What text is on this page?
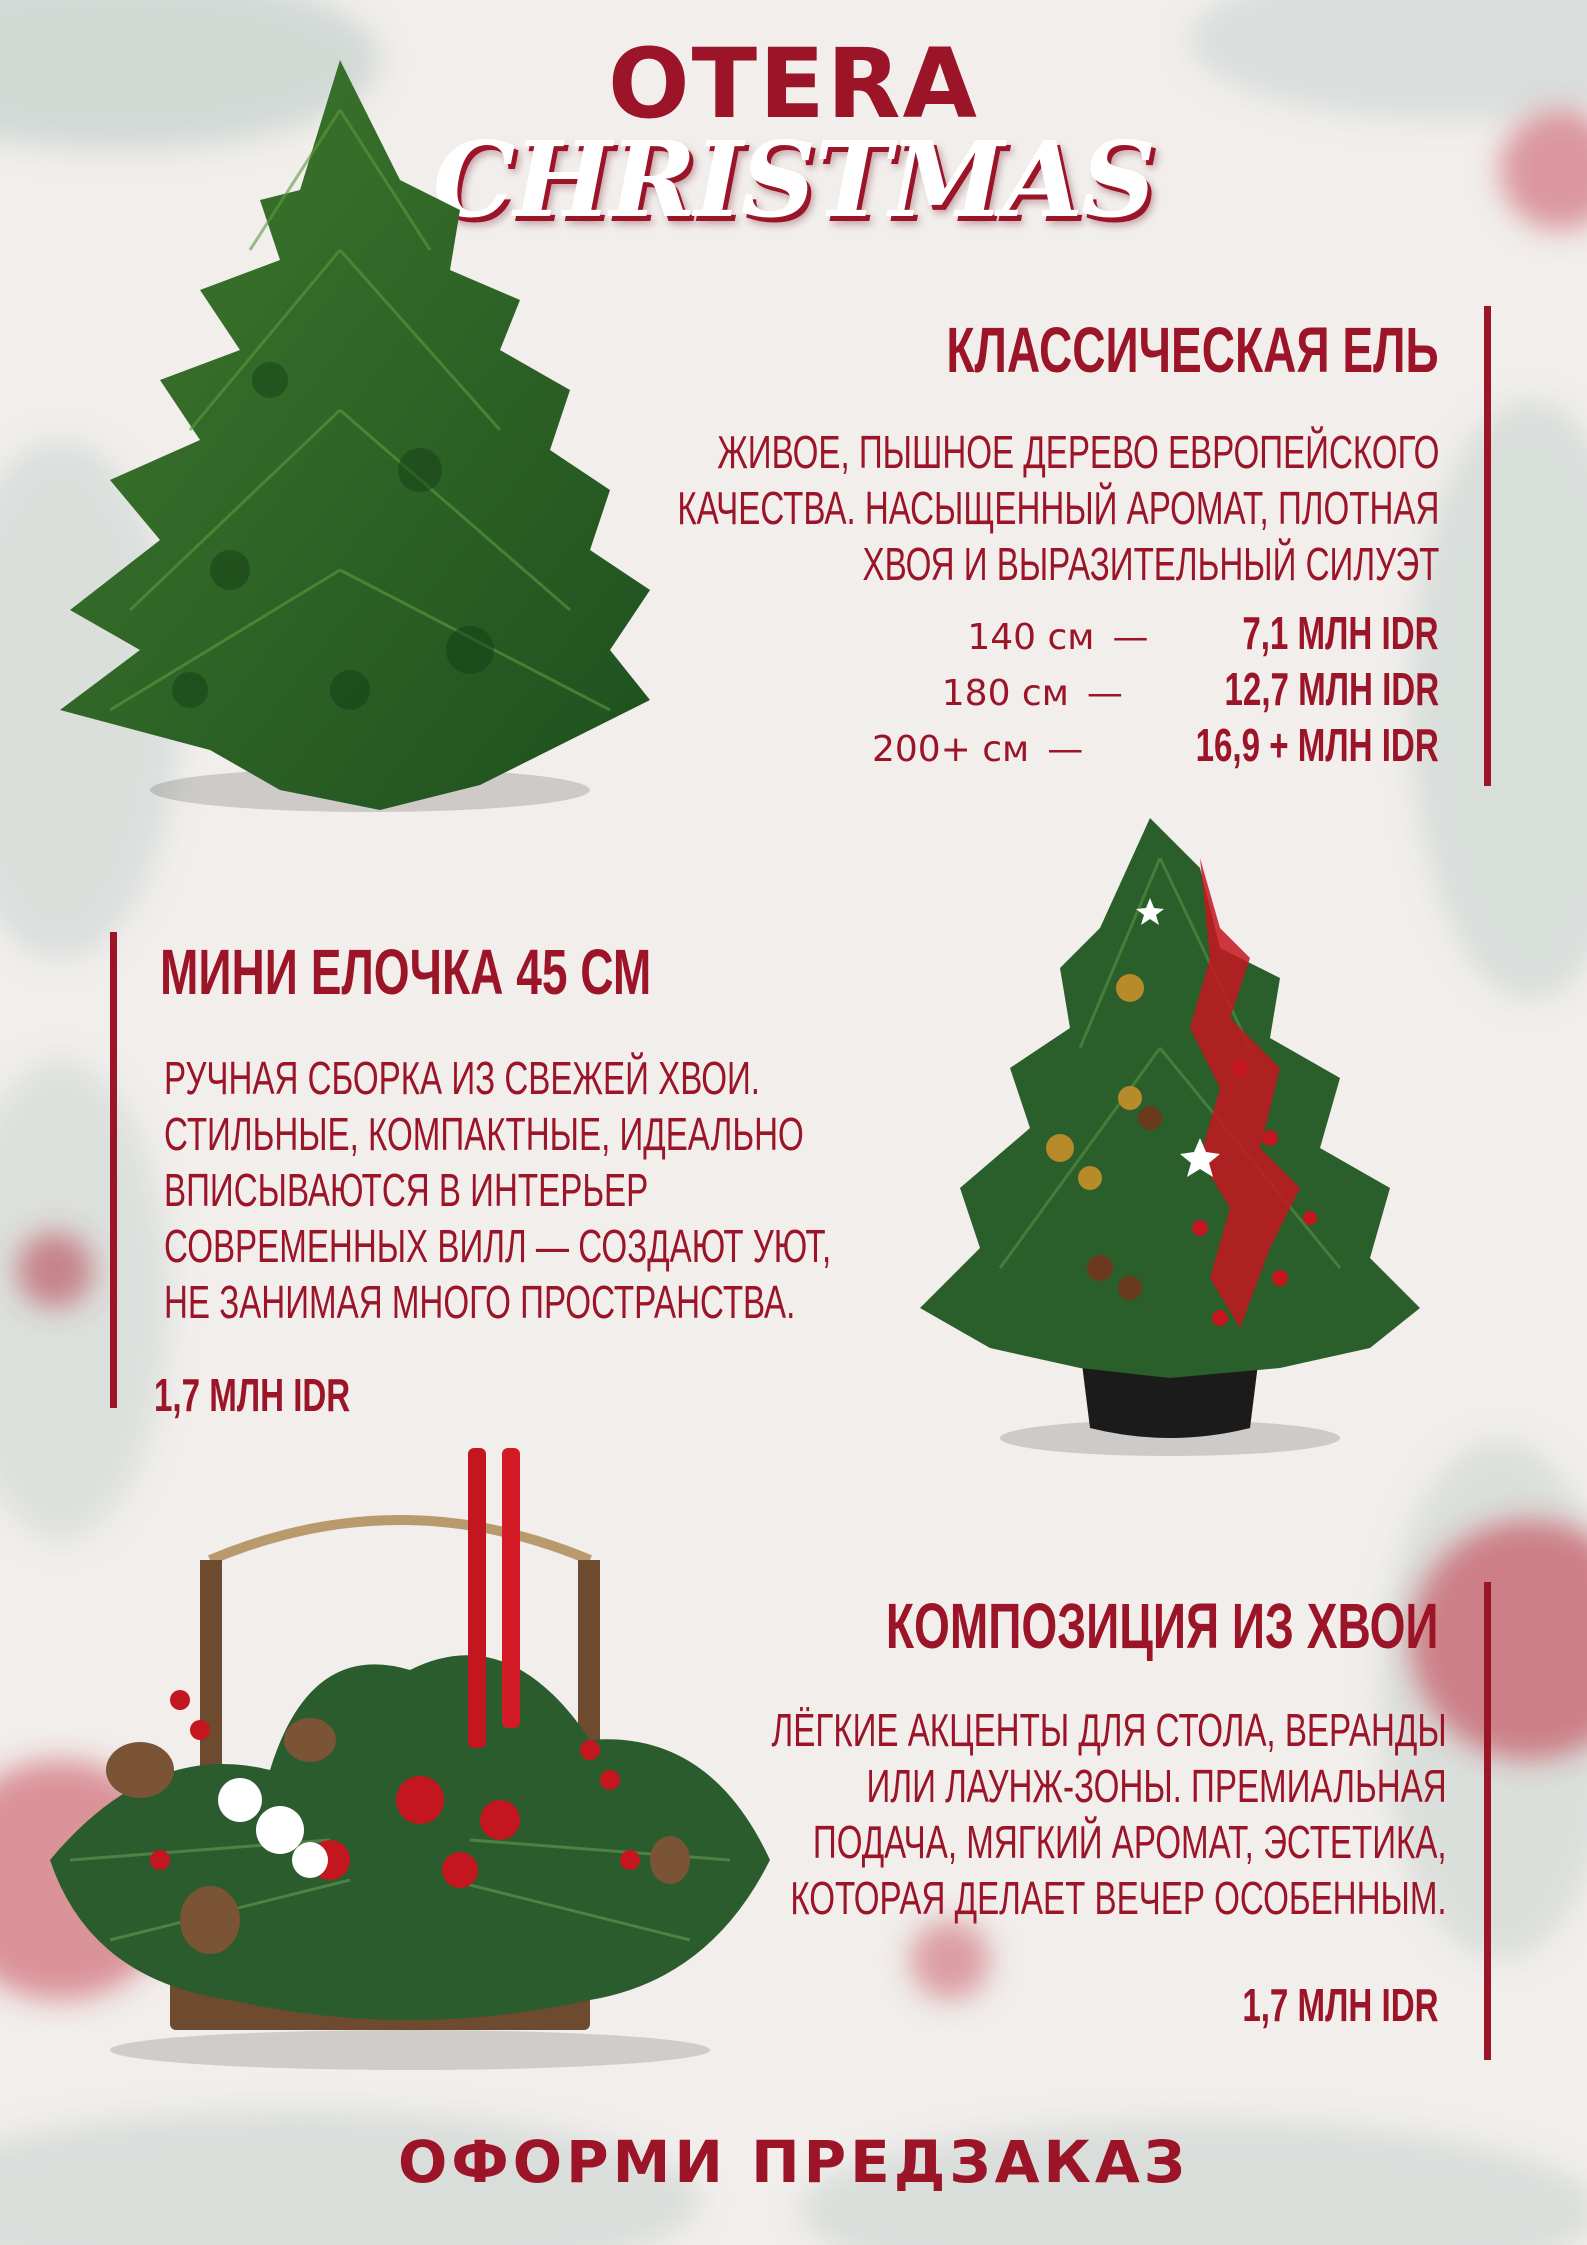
OTERA
CHRISTMAS
КЛАССИЧЕСКАЯ ЕЛЬ
ЖИВОЕ, ПЫШНОЕ ДЕРЕВО ЕВРОПЕЙСКОГО
КАЧЕСТВА. НАСЫЩЕННЫЙ АРОМАТ, ПЛОТНАЯ
ХВОЯ И ВЫРАЗИТЕЛЬНЫЙ СИЛУЭТ
140 см — 7,1 МЛН IDR
180 см — 12,7 МЛН IDR
200+ см — 16,9 + МЛН IDR
МИНИ ЕЛОЧКА 45 СМ
РУЧНАЯ СБОРКА ИЗ СВЕЖЕЙ ХВОИ.
СТИЛЬНЫЕ, КОМПАКТНЫЕ, ИДЕАЛЬНО
ВПИСЫВАЮТСЯ В ИНТЕРЬЕР
СОВРЕМЕННЫХ ВИЛЛ — СОЗДАЮТ УЮТ,
НЕ ЗАНИМАЯ МНОГО ПРОСТРАНСТВА.
1,7 МЛН IDR
КОМПОЗИЦИЯ ИЗ ХВОИ
ЛЁГКИЕ АКЦЕНТЫ ДЛЯ СТОЛА, ВЕРАНДЫ
ИЛИ ЛАУНЖ-ЗОНЫ. ПРЕМИАЛЬНАЯ
ПОДАЧА, МЯГКИЙ АРОМАТ, ЭСТЕТИКА,
КОТОРАЯ ДЕЛАЕТ ВЕЧЕР ОСОБЕННЫМ.
1,7 МЛН IDR
ОФОРМИ ПРЕДЗАКАЗ
